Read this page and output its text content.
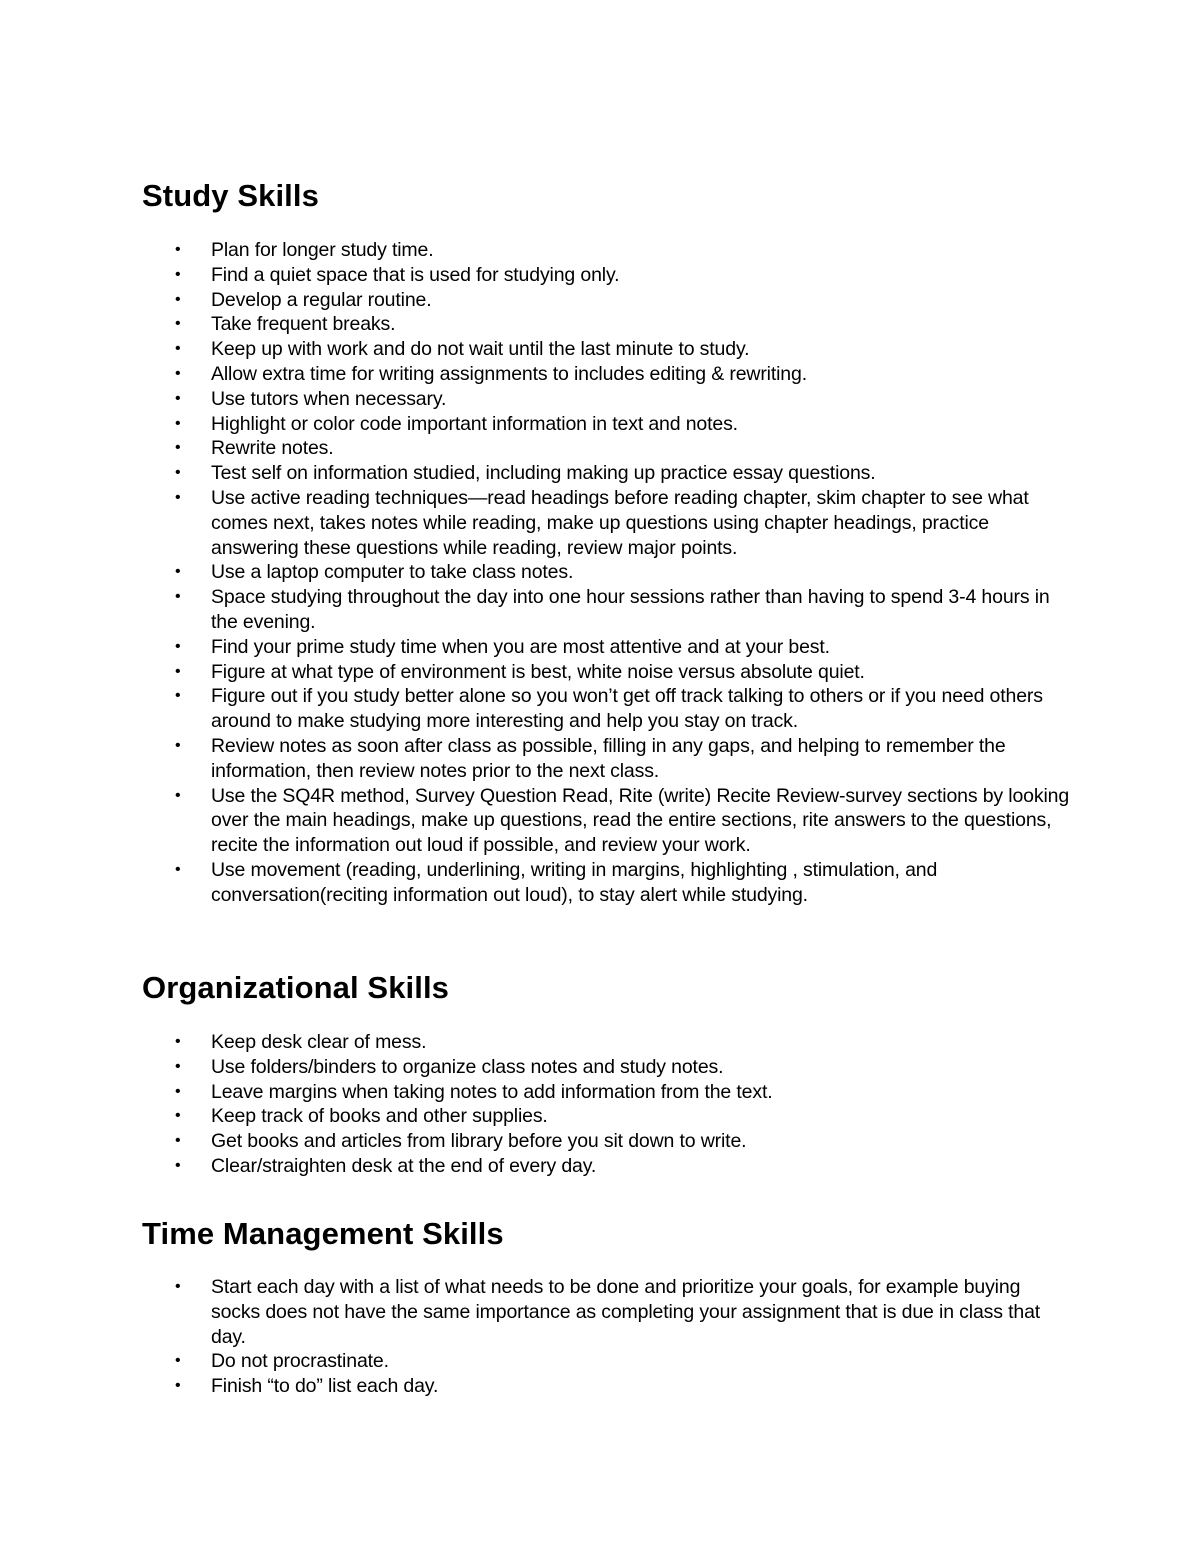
Study Skills
• Plan for longer study time.
• Find a quiet space that is used for studying only.
• Develop a regular routine.
• Take frequent breaks.
• Keep up with work and do not wait until the last minute to study.
• Allow extra time for writing assignments to includes editing & rewriting.
• Use tutors when necessary.
• Highlight or color code important information in text and notes.
• Rewrite notes.
• Test self on information studied, including making up practice essay questions.
• Use active reading techniques—read headings before reading chapter, skim chapter to see what comes next, takes notes while reading, make up questions using chapter headings, practice answering these questions while reading, review major points.
• Use a laptop computer to take class notes.
• Space studying throughout the day into one hour sessions rather than having to spend 3-4 hours in the evening.
• Find your prime study time when you are most attentive and at your best.
• Figure at what type of environment is best, white noise versus absolute quiet.
• Figure out if you study better alone so you won’t get off track talking to others or if you need others around to make studying more interesting and help you stay on track.
• Review notes as soon after class as possible, filling in any gaps, and helping to remember the information, then review notes prior to the next class.
• Use the SQ4R method, Survey Question Read, Rite (write) Recite Review-survey sections by looking over the main headings, make up questions, read the entire sections, rite answers to the questions, recite the information out loud if possible, and review your work.
• Use movement (reading, underlining, writing in margins, highlighting , stimulation, and conversation(reciting information out loud), to stay alert while studying.
Organizational Skills
• Keep desk clear of mess.
• Use folders/binders to organize class notes and study notes.
• Leave margins when taking notes to add information from the text.
• Keep track of books and other supplies.
• Get books and articles from library before you sit down to write.
• Clear/straighten desk at the end of every day.
Time Management Skills
• Start each day with a list of what needs to be done and prioritize your goals, for example buying socks does not have the same importance as completing your assignment that is due in class that day.
• Do not procrastinate.
• Finish “to do” list each day.
